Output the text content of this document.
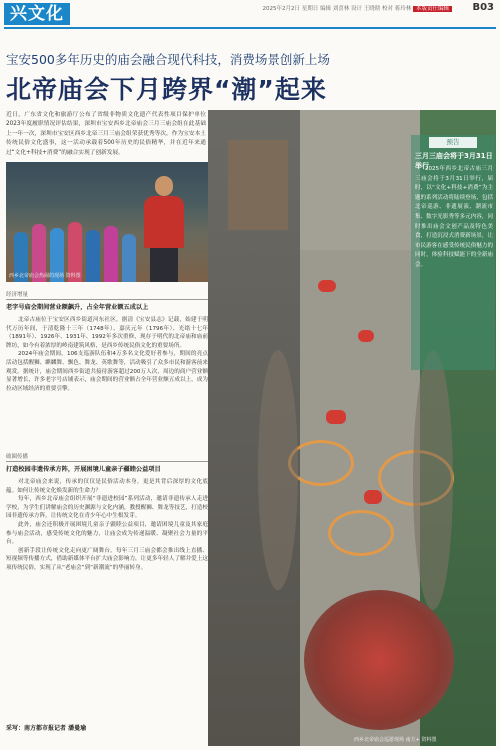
兴文化	2025年2月2日 星期日 编辑 刘喜林 设计 王晓晗 校对 蒋玲林 本版责任编辑	B03
宝安500多年历史的庙会融合现代科技，消费场景创新上场
北帝庙会下月跨界“潮”起来
近日，广东省文化和旅游厅公布了省级非物质文化遗产代表性项目保护单位2023年度履职情况评估结果，深圳市宝安西乡北帝庙会三月三庙会组在此基础上一年一次，深圳市宝安区西乡北帝三月三庙会组荣获优秀等次。作为宝安本土传统民俗文化盛事，这一活动承载着500年历史的民俗精华，并在近年来通过“文化+科技+消费”的融合实现了创新发展。
西乡北帝庙会热闹的现场 资料图
经济增量
老字号庙会期间营业额飙升，占全年营业额五成以上

北帝古庙位于宝安区西乡街道河东社区，据清《宝安县志》记载，始建于明代万历年间，于清乾隆十三年（1748年）、嘉庆元年（1796年）、光绪十七年（1891年）、1926年、1931年、1992年多次重修，现存于明代的北帝庙和庙前牌坊，如今有着浓厚的岭南建筑风格，是西乡传统民俗文化的重要场所。

2024年庙会期间，106支巡游队伍和4万多名文化爱好者参与，期间的亮点活动包括醒狮、麒麟舞、飘色、舞龙、英歌舞等，活动吸引了众多市民和游客前来观赏。据统计，庙会期间西乡街道共接待游客超过200万人次，周边的商户营业额显著增长，许多老字号店铺表示，庙会期间的营业额占全年营业额五成以上，成为拉动区域经济的重要引擎。

破圈传播
打造校园非遗传承方阵，开展困境儿童亲子疆睦公益项目

对北帝庙会来说，传承的仅仅是民俗活动本身，更是其背后深厚的文化底蕴。如何让传统文化焕发新的生命力？

每年，西乡北帝庙会组织开展“非遗进校园”系列活动，邀请非遗传承人走进学校，为学生们讲解庙会的历史渊源与文化内涵，教授醒狮、舞龙等技艺，打造校园非遗传承方阵，让传统文化在青少年心中生根发芽。

此外，庙会还积极开展困境儿童亲子疆睦公益项目，邀请困境儿童及其家庭参与庙会活动，感受传统文化的魅力，让庙会成为传递温暖、凝聚社会力量的平台。

创新手段让传统文化走向更广阔舞台。每年三月三庙会都会推出线上直播、短视频等传播方式，借助新媒体平台扩大庙会影响力，让更多年轻人了解并爱上这项传统民俗，实现了从“老庙会”到“新潮流”的华丽转身。

采写：南方都市报记者 潘曼瑜
西乡北帝庙会巡游现场 南方+ 资料图
预告
三月三庙会将于3月31日举行
2025年西乡北帝古庙三月三庙会将于3月31日举行，届时，以“文化+科技+消费”为主题的系列活动将陆续登场，包括北帝巡游、非遗展演、潮流市集、数字光影秀等多元内容，同时推出庙会文创产品及特色美食，打造沉浸式消费新场景，让市民游客在感受传统民俗魅力的同时，体验科技赋能下的全新庙会。
